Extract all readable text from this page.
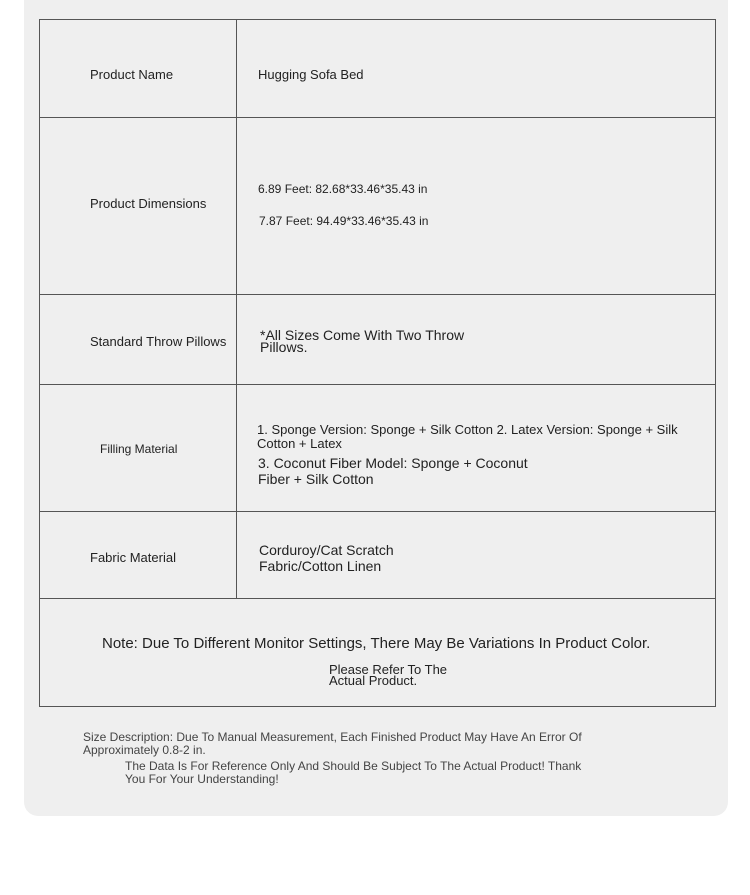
Product Name	Hugging Sofa Bed
Product Dimensions
6.89 Feet: 82.68*33.46*35.43 in
7.87 Feet: 94.49*33.46*35.43 in
Standard Throw Pillows *All Sizes Come With Two Throw Pillows.
Filling Material
1. Sponge Version: Sponge + Silk Cotton 2. Latex Version: Sponge + Silk Cotton + Latex
3. Coconut Fiber Model: Sponge + Coconut Fiber + Silk Cotton
Fabric Material	Corduroy/Cat Scratch Fabric/Cotton Linen
Note: Due To Different Monitor Settings, There May Be Variations In Product Color.
Please Refer To The Actual Product.
Size Description: Due To Manual Measurement, Each Finished Product May Have An Error Of Approximately 0.8-2 in.
The Data Is For Reference Only And Should Be Subject To The Actual Product! Thank You For Your Understanding!
